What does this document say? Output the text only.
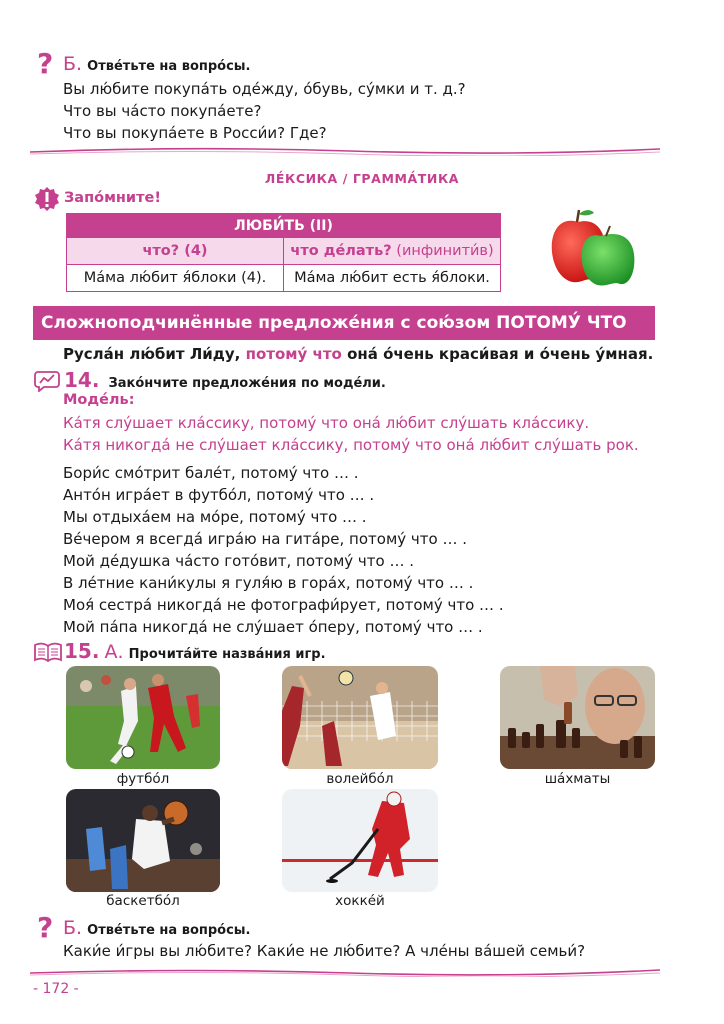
? Б. Отве́тьте на вопро́сы.
Вы лю́бите покупа́ть оде́жду, о́бувь, су́мки и т. д.?
Что вы ча́сто покупа́ете?
Что вы покупа́ете в Росси́и? Где?
ЛЕ́КСИКА / ГРАММА́ТИКА
Запо́мните!
ЛЮБИ́ТЬ (II)
что? (4)	что де́лать? (инфинити́в)
Ма́ма лю́бит я́блоки (4).	Ма́ма лю́бит есть я́блоки.
Сложноподчинённые предложе́ния с сою́зом ПОТОМУ́ ЧТО
Русла́н лю́бит Ли́ду, потому́ что она́ о́чень краси́вая и о́чень у́мная.
14. Зако́нчите предложе́ния по моде́ли.
Моде́ль:
Ка́тя слу́шает кла́ссику, потому́ что она́ лю́бит слу́шать кла́ссику.
Ка́тя никогда́ не слу́шает кла́ссику, потому́ что она́ лю́бит слу́шать рок.
Бори́с смо́трит бале́т, потому́ что … .
Анто́н игра́ет в футбо́л, потому́ что … .
Мы отдыха́ем на мо́ре, потому́ что … .
Ве́чером я всегда́ игра́ю на гита́ре, потому́ что … .
Мой де́душка ча́сто гото́вит, потому́ что … .
В ле́тние кани́кулы я гуля́ю в гора́х, потому́ что … .
Моя́ сестра́ никогда́ не фотографи́рует, потому́ что … .
Мой па́па никогда́ не слу́шает о́перу, потому́ что … .
15. А. Прочита́йте назва́ния игр.
футбо́л	волейбо́л	ша́хматы
баскетбо́л	хокке́й
? Б. Отве́тьте на вопро́сы.
Каки́е и́гры вы лю́бите? Каки́е не лю́бите? А чле́ны ва́шей семьи́?
- 172 -
